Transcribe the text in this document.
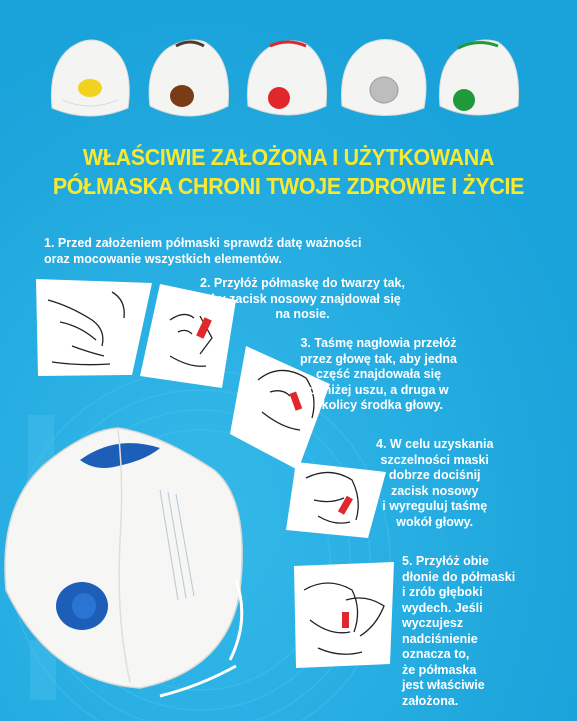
WŁAŚCIWIE ZAŁOŻONA I UŻYTKOWANA
PÓŁMASKA CHRONI TWOJE ZDROWIE I ŻYCIE
1. Przed założeniem półmaski sprawdź datę ważności
oraz mocowanie wszystkich elementów.
2. Przyłóż półmaskę do twarzy tak,
aby zacisk nosowy znajdował się
na nosie.
3. Taśmę nagłowia przełóż
przez głowę tak, aby jedna
część znajdowała się
poniżej uszu, a druga w
okolicy środka głowy.
4. W celu uzyskania
szczelności maski
dobrze dociśnij
zacisk nosowy
i wyreguluj taśmę
wokół głowy.
5. Przyłóż obie
dłonie do półmaski
i zrób głęboki
wydech. Jeśli
wyczujesz
nadciśnienie
oznacza to,
że półmaska
jest właściwie
założona.
